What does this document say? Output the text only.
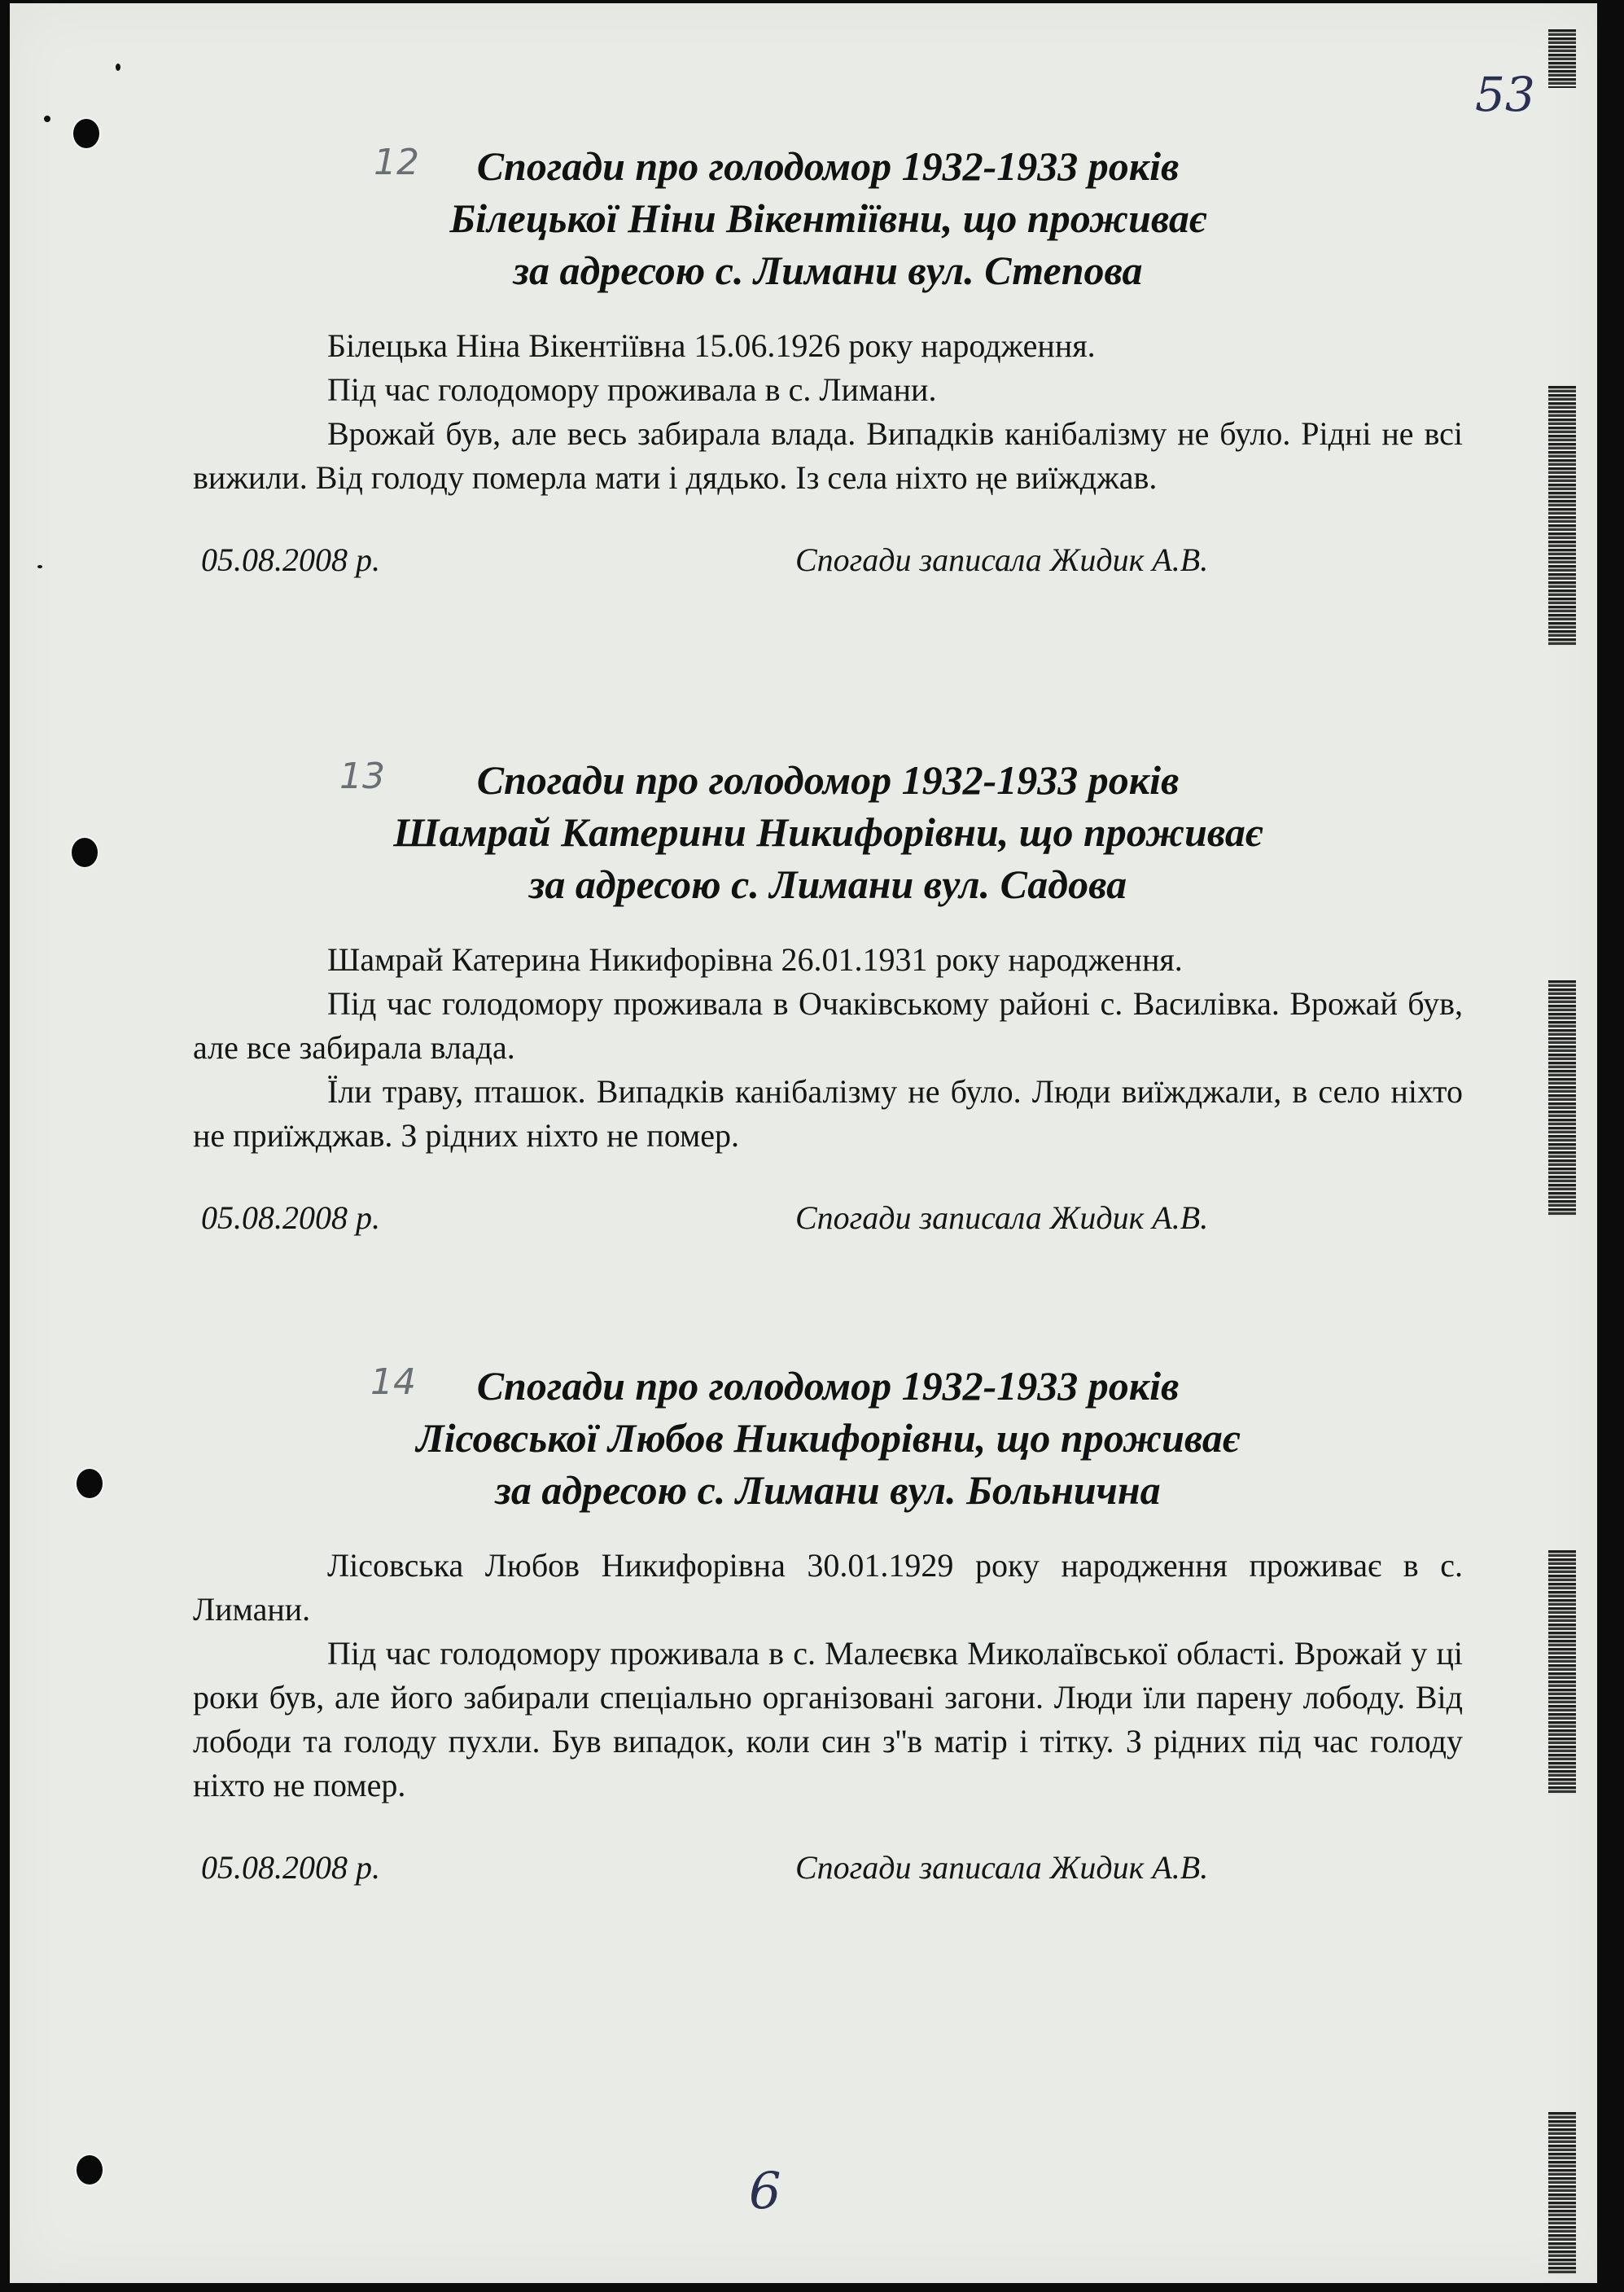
53
6
12	Спогади про голодомор 1932-1933 років
Білецької Ніни Вікентіївни, що проживає
за адресою с. Лимани вул. Степова

Білецька Ніна Вікентіївна 15.06.1926 року народження.

Під час голодомору проживала в с. Лимани.

Врожай був, але весь забирала влада. Випадків канібалізму не було. Рідні не всі вижили. Від голоду померла мати і дядько. Із села ніхто ңе виїжджав.

05.08.2008 р.	Спогади записала Жидик А.В.
13	Спогади про голодомор 1932-1933 років
Шамрай Катерини Никифорівни, що проживає
за адресою с. Лимани вул. Садова

Шамрай Катерина Никифорівна 26.01.1931 року народження.

Під час голодомору проживала в Очаківському районі с. Василівка. Врожай був, але все забирала влада.

Їли траву, пташок. Випадків канібалізму не було. Люди виїжджали, в село ніхто не приїжджав. З рідних ніхто не помер.

05.08.2008 р.	Спогади записала Жидик А.В.
14	Спогади про голодомор 1932-1933 років
Лісовської Любов Никифорівни, що проживає
за адресою с. Лимани вул. Больнична

Лісовська Любов Никифорівна 30.01.1929 року народження проживає в с. Лимани.

Під час голодомору проживала в с. Малеєвка Миколаївської області. Врожай у ці роки був, але його забирали спеціально організовані загони. Люди їли парену лободу. Від лободи та голоду пухли. Був випадок, коли син з''в матір і тітку. З рідних під час голоду ніхто не помер.

05.08.2008 р.	Спогади записала Жидик А.В.
